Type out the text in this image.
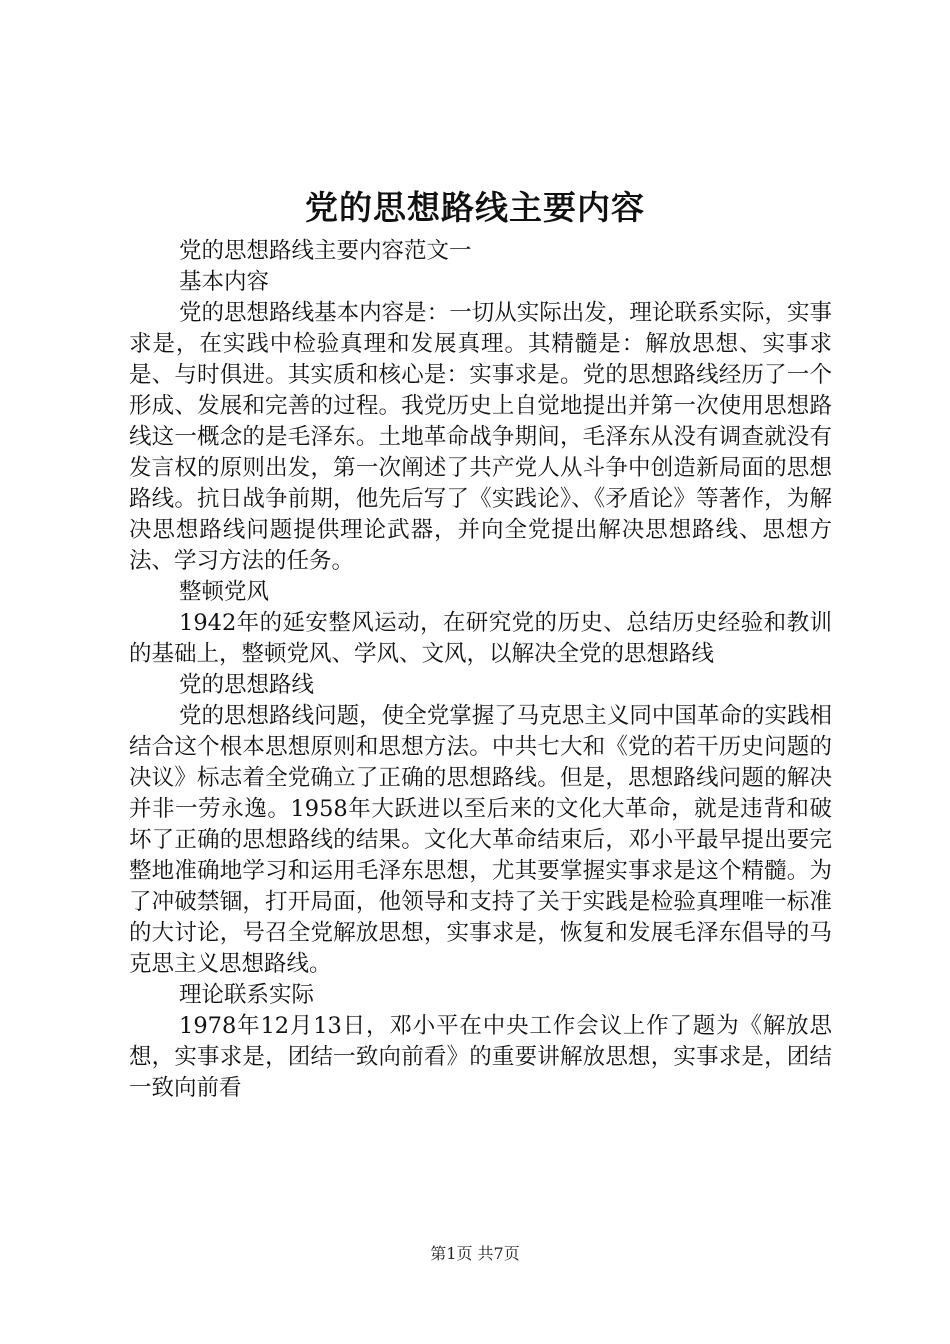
党的思想路线主要内容

党的思想路线主要内容范文一

基本内容

党的思想路线基本内容是：一切从实际出发，理论联系实际，实事求是，在实践中检验真理和发展真理。其精髓是：解放思想、实事求是、与时俱进。其实质和核心是：实事求是。党的思想路线经历了一个形成、发展和完善的过程。我党历史上自觉地提出并第一次使用思想路线这一概念的是毛泽东。土地革命战争期间，毛泽东从没有调查就没有发言权的原则出发，第一次阐述了共产党人从斗争中创造新局面的思想路线。抗日战争前期，他先后写了《实践论》、《矛盾论》等著作，为解决思想路线问题提供理论武器，并向全党提出解决思想路线、思想方法、学习方法的任务。

整顿党风

1942年的延安整风运动，在研究党的历史、总结历史经验和教训的基础上，整顿党风、学风、文风，以解决全党的思想路线

党的思想路线

党的思想路线问题，使全党掌握了马克思主义同中国革命的实践相结合这个根本思想原则和思想方法。中共七大和《党的若干历史问题的决议》标志着全党确立了正确的思想路线。但是，思想路线问题的解决并非一劳永逸。1958年大跃进以至后来的文化大革命，就是违背和破坏了正确的思想路线的结果。文化大革命结束后，邓小平最早提出要完整地准确地学习和运用毛泽东思想，尤其要掌握实事求是这个精髓。为了冲破禁锢，打开局面，他领导和支持了关于实践是检验真理唯一标准的大讨论，号召全党解放思想，实事求是，恢复和发展毛泽东倡导的马克思主义思想路线。

理论联系实际

1978年12月13日，邓小平在中央工作会议上作了题为《解放思想，实事求是，团结一致向前看》的重要讲解放思想，实事求是，团结一致向前看

第1页 共7页
